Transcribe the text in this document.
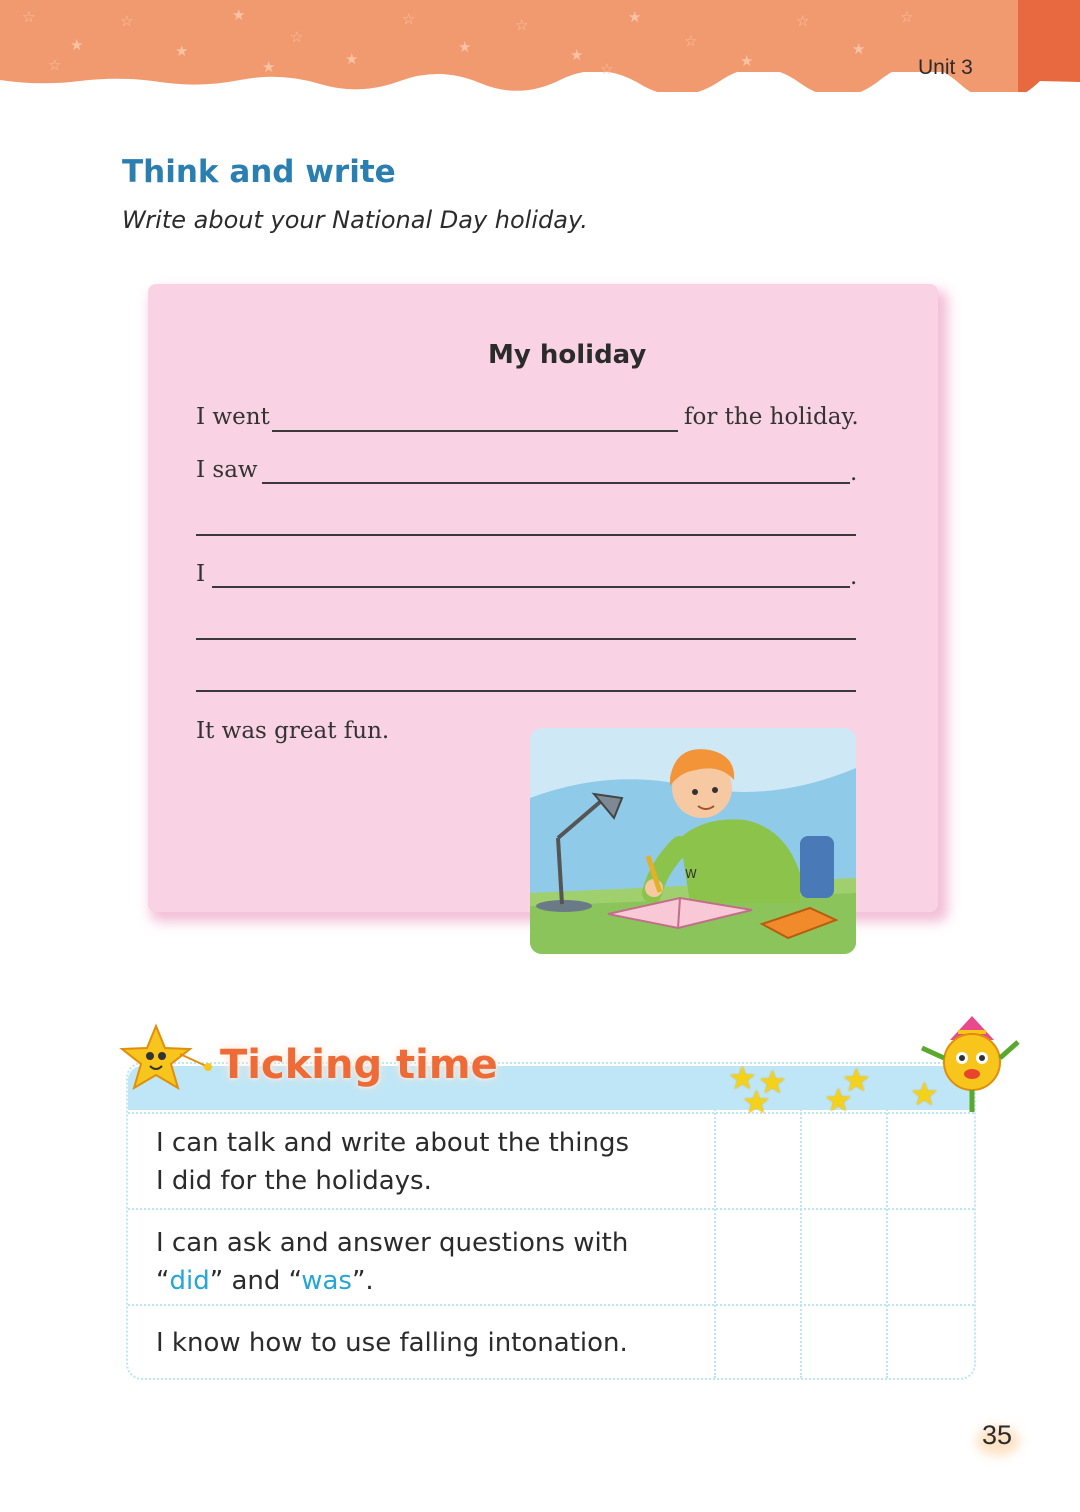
☆
★
☆
★
★
☆
★
☆
★
☆
★
★
☆
★
☆
★
☆
☆	★	☆	Unit 3
Think and write
Write about your National Day holiday.
My holiday
I went	for the holiday.
I saw	.
I	.
It was great fun.
W
★ ★
★
★
★ ★
Ticking time
I can talk and write about the things
I did for the holidays.
I can ask and answer questions with
“did” and “was”.
I know how to use falling intonation.
35
